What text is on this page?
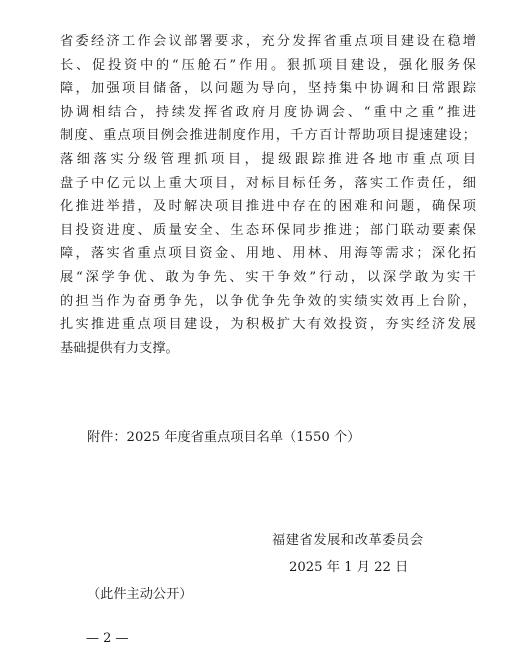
省委经济工作会议部署要求，充分发挥省重点项目建设在稳增
长、促投资中的“压舱石”作用。狠抓项目建设，强化服务保
障，加强项目储备，以问题为导向，坚持集中协调和日常跟踪
协调相结合，持续发挥省政府月度协调会、“重中之重”推进
制度、重点项目例会推进制度作用，千方百计帮助项目提速建设；
落细落实分级管理抓项目，提级跟踪推进各地市重点项目
盘子中亿元以上重大项目，对标目标任务，落实工作责任，细
化推进举措，及时解决项目推进中存在的困难和问题，确保项
目投资进度、质量安全、生态环保同步推进；部门联动要素保
障，落实省重点项目资金、用地、用林、用海等需求；深化拓
展“深学争优、敢为争先、实干争效”行动，以深学敢为实干
的担当作为奋勇争先，以争优争先争效的实绩实效再上台阶，
扎实推进重点项目建设，为积极扩大有效投资，夯实经济发展
基础提供有力支撑。

附件：2025 年度省重点项目名单（1550 个）

福建省发展和改革委员会

2025 年 1 月 22 日

（此件主动公开）

— 2 —
